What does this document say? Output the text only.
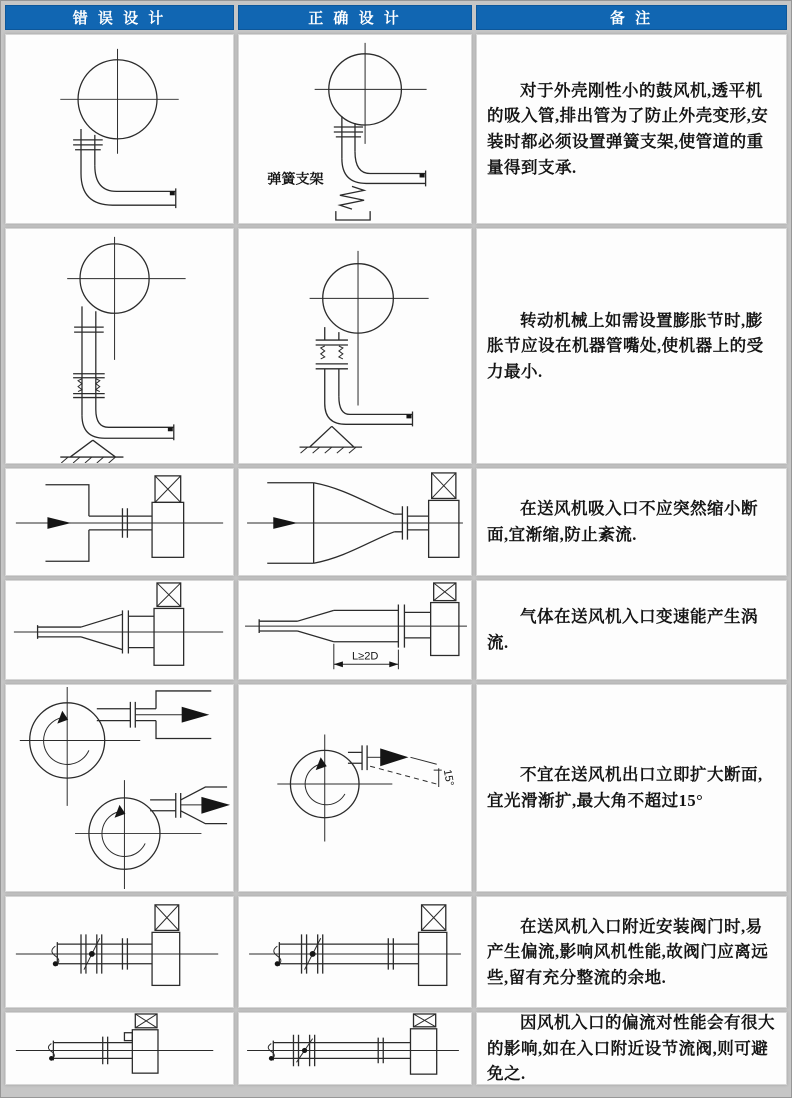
错 误 设 计	正 确 设 计	备 注
弹簧支架

对于外壳刚性小的鼓风机,透平机的吸入管,排出管为了防止外壳变形,安装时都必须设置弹簧支架,使管道的重量得到支承.

转动机械上如需设置膨胀节时,膨胀节应设在机器管嘴处,使机器上的受力最小.

在送风机吸入口不应突然缩小断面,宜渐缩,防止紊流.

L≥2D

气体在送风机入口变速能产生涡流.

15°	不宜在送风机出口立即扩大断面,宜光滑渐扩,最大角不超过15°

在送风机入口附近安装阀门时,易产生偏流,影响风机性能,故阀门应离远些,留有充分整流的余地.

因风机入口的偏流对性能会有很大的影响,如在入口附近设节流阀,则可避免之.
